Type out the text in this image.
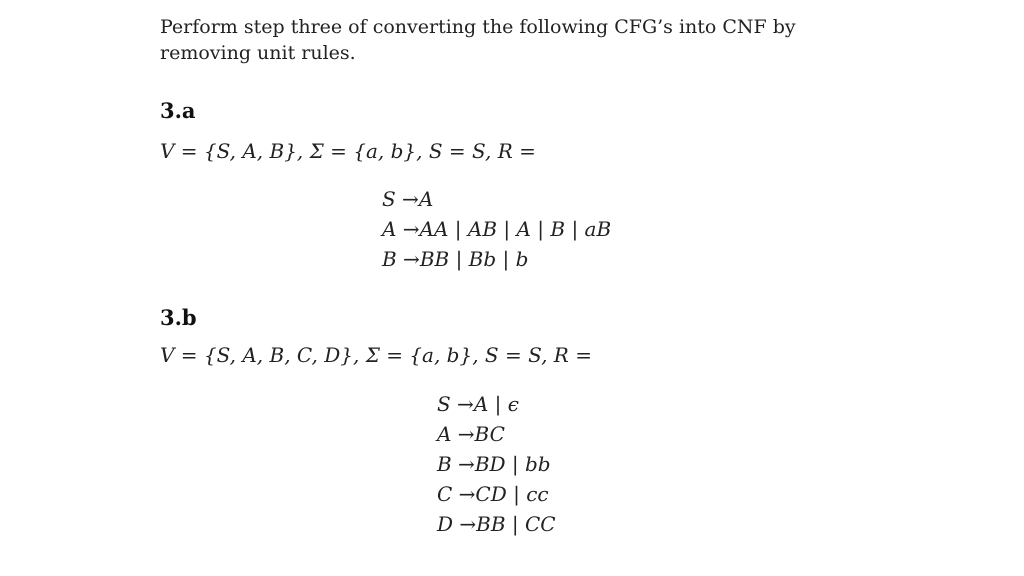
Perform step three of converting the following CFG’s into CNF by removing unit rules.
3.a
V = {S, A, B}, Σ = {a, b}, S = S, R =
S →A
A →AA | AB | A | B | aB
B →BB | Bb | b
3.b
V = {S, A, B, C, D}, Σ = {a, b}, S = S, R =
S →A | ϵ
A →BC
B →BD | bb
C →CD | cc
D →BB | CC
